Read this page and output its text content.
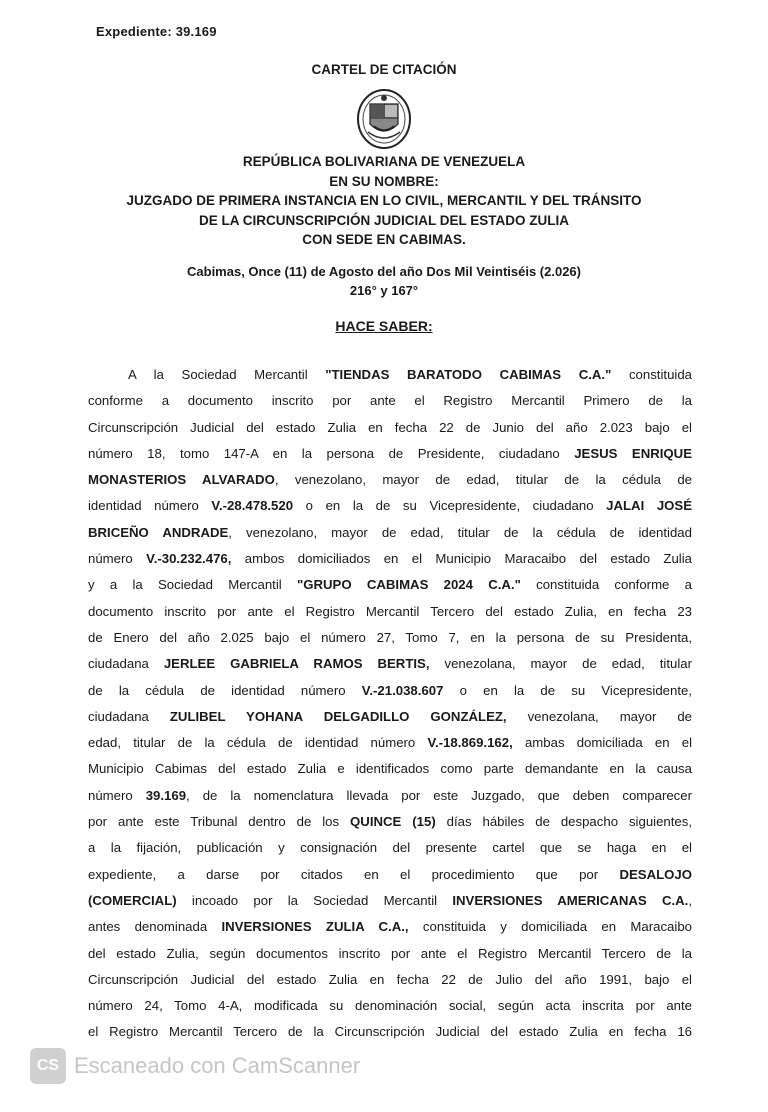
Expediente: 39.169
CARTEL DE CITACIÓN
REPÚBLICA BOLIVARIANA DE VENEZUELA
EN SU NOMBRE:
JUZGADO DE PRIMERA INSTANCIA EN LO CIVIL, MERCANTIL Y DEL TRÁNSITO
DE LA CIRCUNSCRIPCIÓN JUDICIAL DEL ESTADO ZULIA
CON SEDE EN CABIMAS.
Cabimas, Once (11) de Agosto del año Dos Mil Veintiséis (2.026)
216° y 167°
HACE SABER:
A la Sociedad Mercantil "TIENDAS BARATODO CABIMAS C.A." constituida
conforme a documento inscrito por ante el Registro Mercantil Primero de la
Circunscripción Judicial del estado Zulia en fecha 22 de Junio del año 2.023 bajo el
número 18, tomo 147-A en la persona de Presidente, ciudadano JESUS ENRIQUE
MONASTERIOS ALVARADO, venezolano, mayor de edad, titular de la cédula de
identidad número V.-28.478.520 o en la de su Vicepresidente, ciudadano JALAI JOSÉ
BRICEÑO ANDRADE, venezolano, mayor de edad, titular de la cédula de identidad
número V.-30.232.476, ambos domiciliados en el Municipio Maracaibo del estado Zulia
y a la Sociedad Mercantil "GRUPO CABIMAS 2024 C.A." constituida conforme a
documento inscrito por ante el Registro Mercantil Tercero del estado Zulia, en fecha 23
de Enero del año 2.025 bajo el número 27, Tomo 7, en la persona de su Presidenta,
ciudadana JERLEE GABRIELA RAMOS BERTIS, venezolana, mayor de edad, titular
de la cédula de identidad número V.-21.038.607 o en la de su Vicepresidente,
ciudadana ZULIBEL YOHANA DELGADILLO GONZÁLEZ, venezolana, mayor de
edad, titular de la cédula de identidad número V.-18.869.162, ambas domiciliada en el
Municipio Cabimas del estado Zulia e identificados como parte demandante en la causa
número 39.169, de la nomenclatura llevada por este Juzgado, que deben comparecer
por ante este Tribunal dentro de los QUINCE (15) días hábiles de despacho siguientes,
a la fijación, publicación y consignación del presente cartel que se haga en el
expediente, a darse por citados en el procedimiento que por DESALOJO
(COMERCIAL) incoado por la Sociedad Mercantil INVERSIONES AMERICANAS C.A.,
antes denominada INVERSIONES ZULIA C.A., constituida y domiciliada en Maracaibo
del estado Zulia, según documentos inscrito por ante el Registro Mercantil Tercero de la
Circunscripción Judicial del estado Zulia en fecha 22 de Julio del año 1991, bajo el
número 24, Tomo 4-A, modificada su denominación social, según acta inscrita por ante
el Registro Mercantil Tercero de la Circunscripción Judicial del estado Zulia en fecha 16
CS Escaneado con CamScanner
